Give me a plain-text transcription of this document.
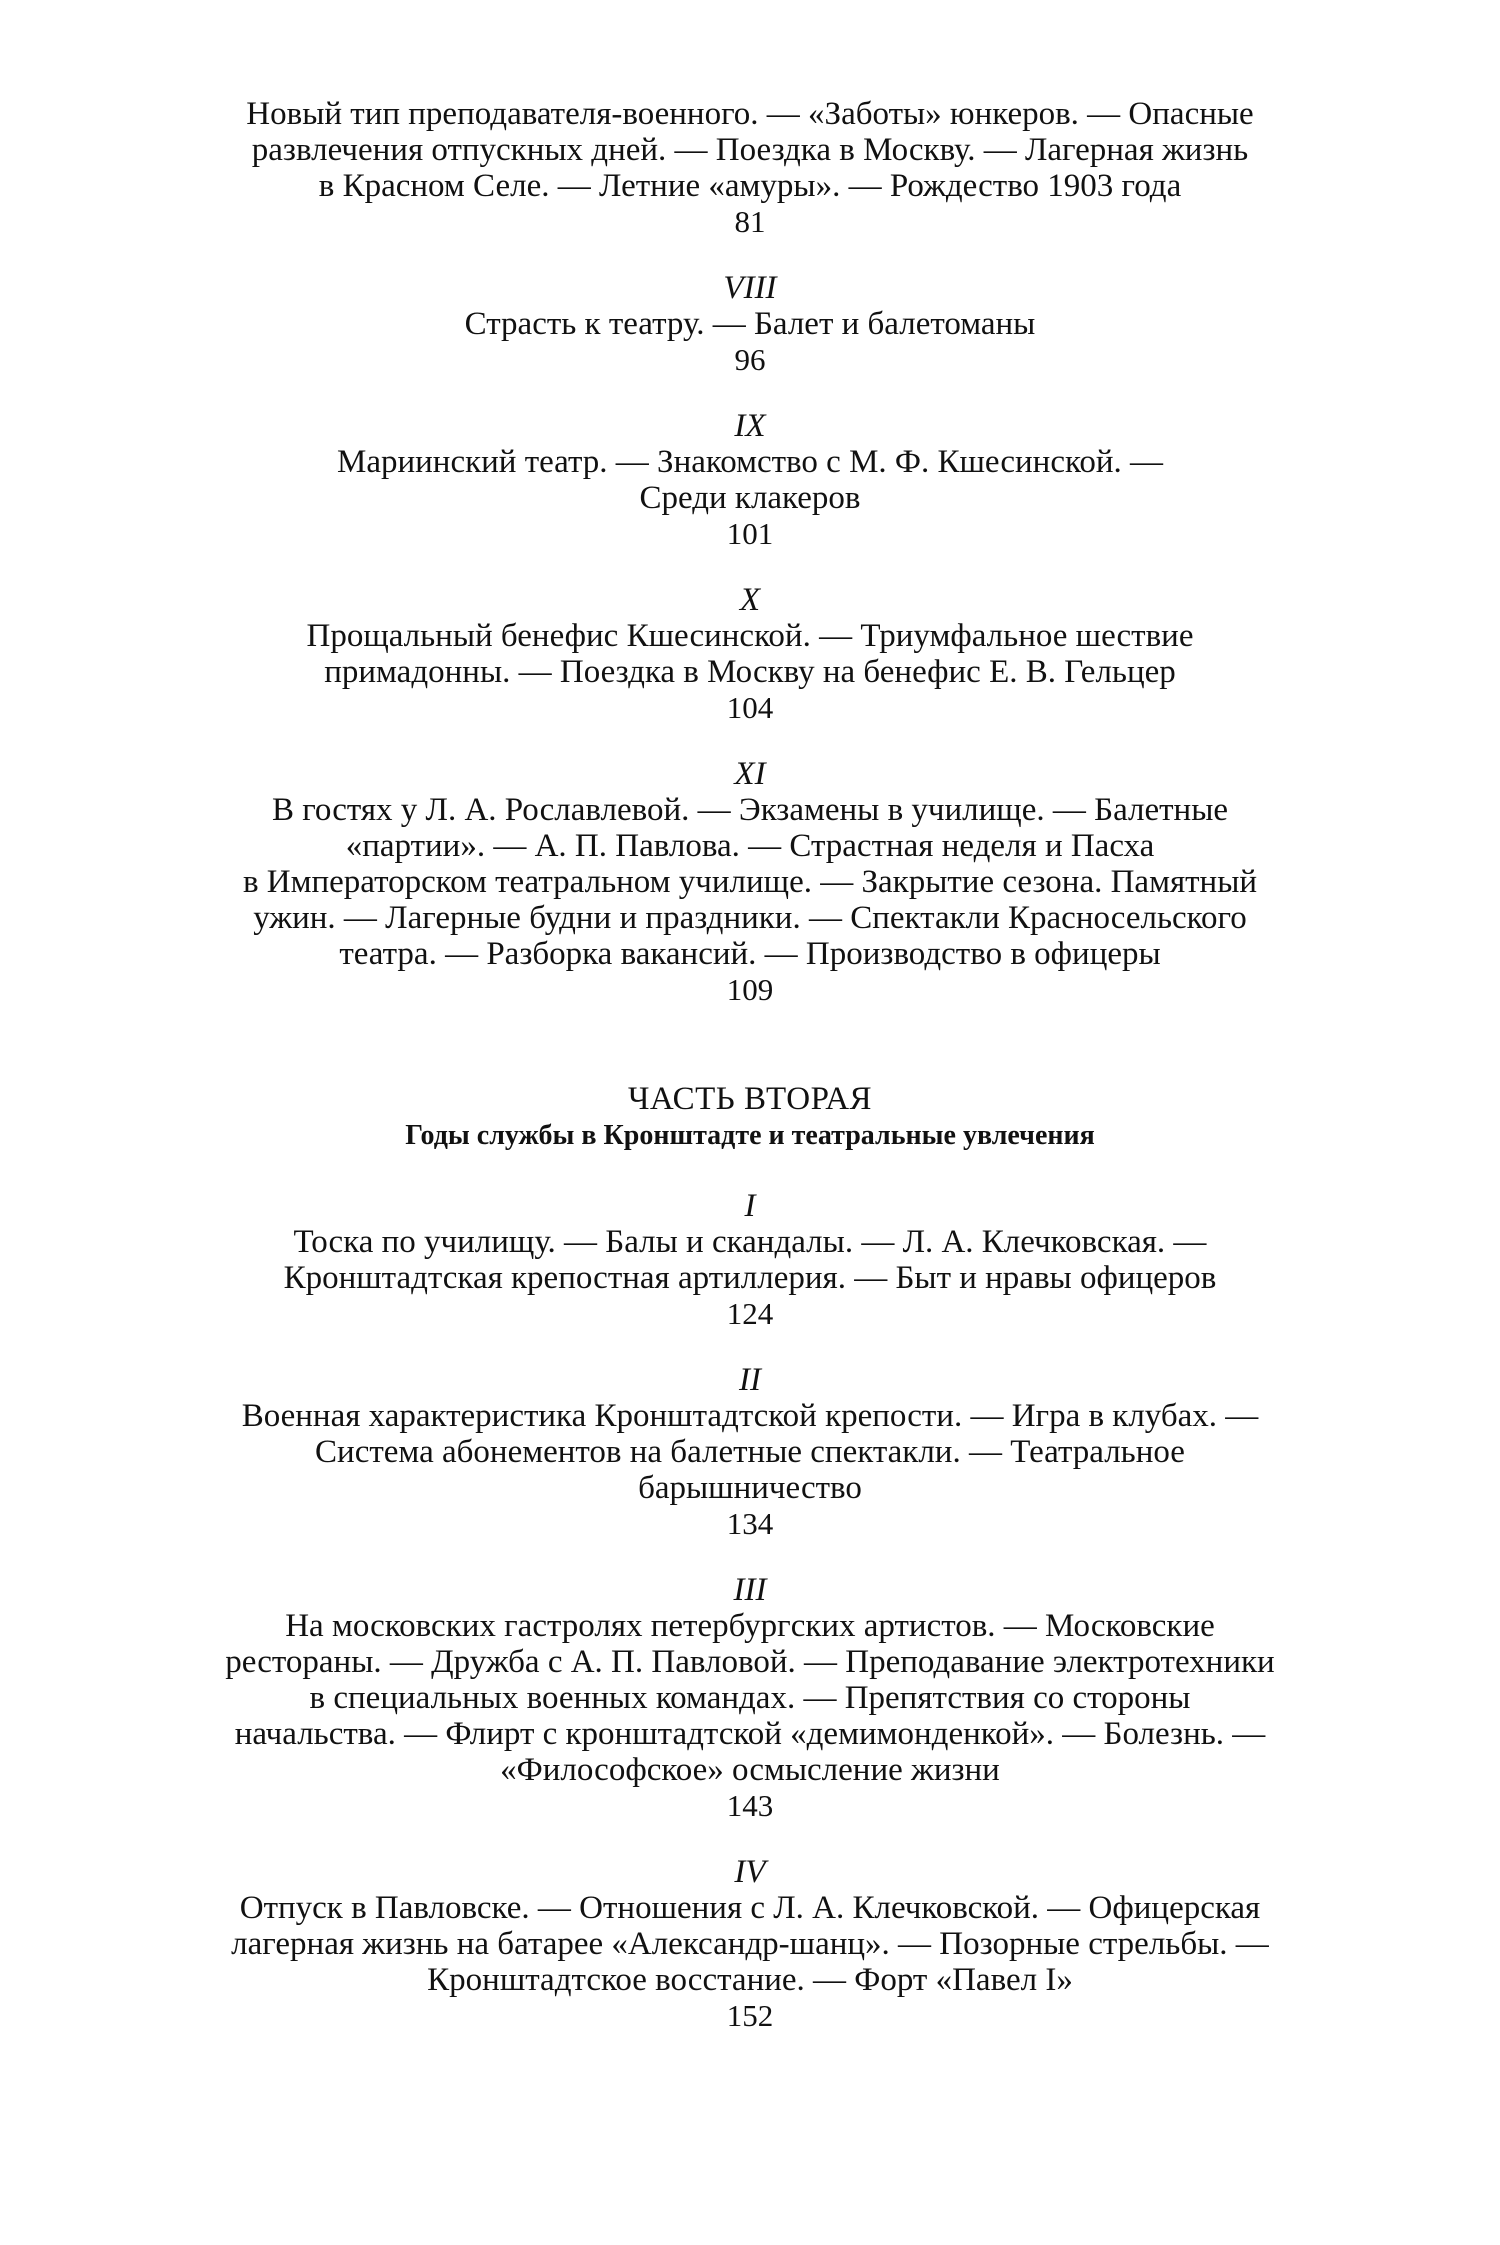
Новый тип преподавателя-военного. — «Заботы» юнкеров. — Опасные
развлечения отпускных дней. — Поездка в Москву. — Лагерная жизнь
в Красном Селе. — Летние «амуры». — Рождество 1903 года
81
VIII
Страсть к театру. — Балет и балетоманы
96
IX
Мариинский театр. — Знакомство с М. Ф. Кшесинской. —
Среди клакеров
101
X
Прощальный бенефис Кшесинской. — Триумфальное шествие
примадонны. — Поездка в Москву на бенефис Е. В. Гельцер
104
XI
В гостях у Л. А. Рославлевой. — Экзамены в училище. — Балетные
«партии». — А. П. Павлова. — Страстная неделя и Пасха
в Императорском театральном училище. — Закрытие сезона. Памятный
ужин. — Лагерные будни и праздники. — Спектакли Красносельского
театра. — Разборка вакансий. — Производство в офицеры
109
ЧАСТЬ ВТОРАЯ
Годы службы в Кронштадте и театральные увлечения
I
Тоска по училищу. — Балы и скандалы. — Л. А. Клечковская. —
Кронштадтская крепостная артиллерия. — Быт и нравы офицеров
124
II
Военная характеристика Кронштадтской крепости. — Игра в клубах. —
Система абонементов на балетные спектакли. — Театральное
барышничество
134
III
На московских гастролях петербургских артистов. — Московские
рестораны. — Дружба с А. П. Павловой. — Преподавание электротехники
в специальных военных командах. — Препятствия со стороны
начальства. — Флирт с кронштадтской «демимонденкой». — Болезнь. —
«Философское» осмысление жизни
143
IV
Отпуск в Павловске. — Отношения с Л. А. Клечковской. — Офицерская
лагерная жизнь на батарее «Александр-шанц». — Позорные стрельбы. —
Кронштадтское восстание. — Форт «Павел I»
152
